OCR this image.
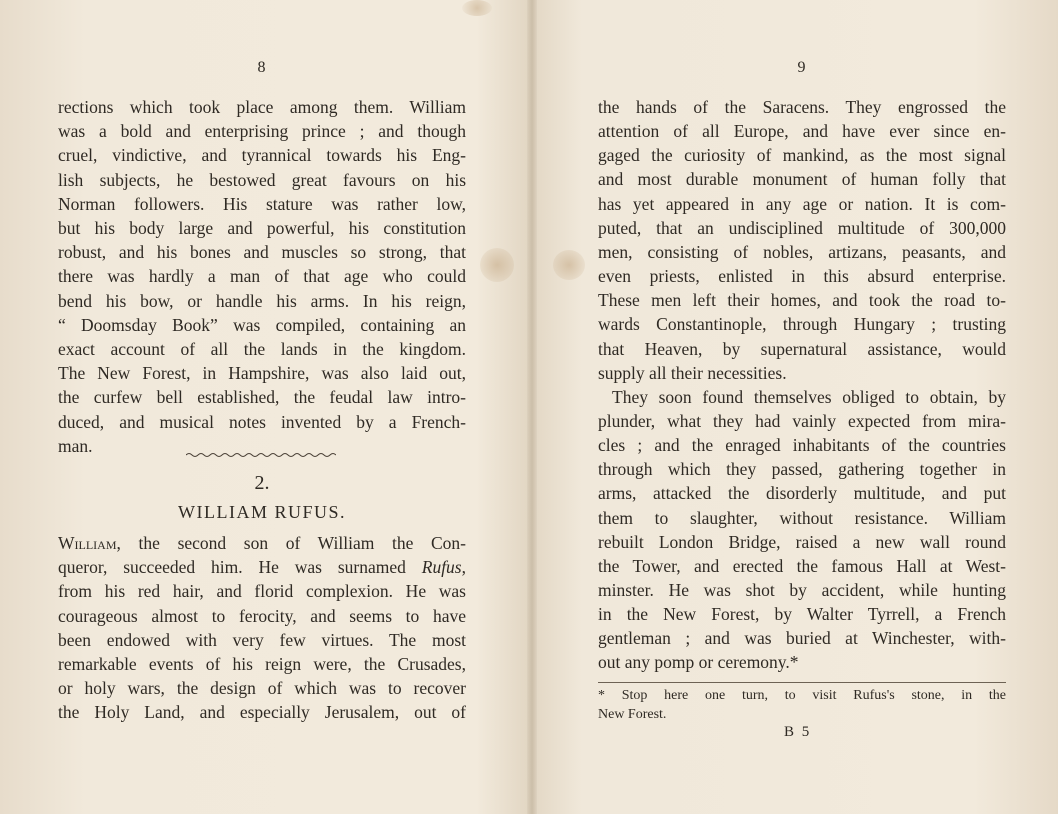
8
rections which took place among them. William
was a bold and enterprising prince ; and though
cruel, vindictive, and tyrannical towards his Eng-
lish subjects, he bestowed great favours on his
Norman followers. His stature was rather low,
but his body large and powerful, his constitution
robust, and his bones and muscles so strong, that
there was hardly a man of that age who could
bend his bow, or handle his arms. In his reign,
“ Doomsday Book” was compiled, containing an
exact account of all the lands in the kingdom.
The New Forest, in Hampshire, was also laid out,
the curfew bell established, the feudal law intro-
duced, and musical notes invented by a French-
man.
2.
WILLIAM RUFUS.
William, the second son of William the Con-
queror, succeeded him. He was surnamed Rufus,
from his red hair, and florid complexion. He was
courageous almost to ferocity, and seems to have
been endowed with very few virtues. The most
remarkable events of his reign were, the Crusades,
or holy wars, the design of which was to recover
the Holy Land, and especially Jerusalem, out of
9
the hands of the Saracens. They engrossed the
attention of all Europe, and have ever since en-
gaged the curiosity of mankind, as the most signal
and most durable monument of human folly that
has yet appeared in any age or nation. It is com-
puted, that an undisciplined multitude of 300,000
men, consisting of nobles, artizans, peasants, and
even priests, enlisted in this absurd enterprise.
These men left their homes, and took the road to-
wards Constantinople, through Hungary ; trusting
that Heaven, by supernatural assistance, would
supply all their necessities.
They soon found themselves obliged to obtain, by
plunder, what they had vainly expected from mira-
cles ; and the enraged inhabitants of the countries
through which they passed, gathering together in
arms, attacked the disorderly multitude, and put
them to slaughter, without resistance. William
rebuilt London Bridge, raised a new wall round
the Tower, and erected the famous Hall at West-
minster. He was shot by accident, while hunting
in the New Forest, by Walter Tyrrell, a French
gentleman ; and was buried at Winchester, with-
out any pomp or ceremony.*
* Stop here one turn, to visit Rufus's stone, in the
New Forest.
B 5
